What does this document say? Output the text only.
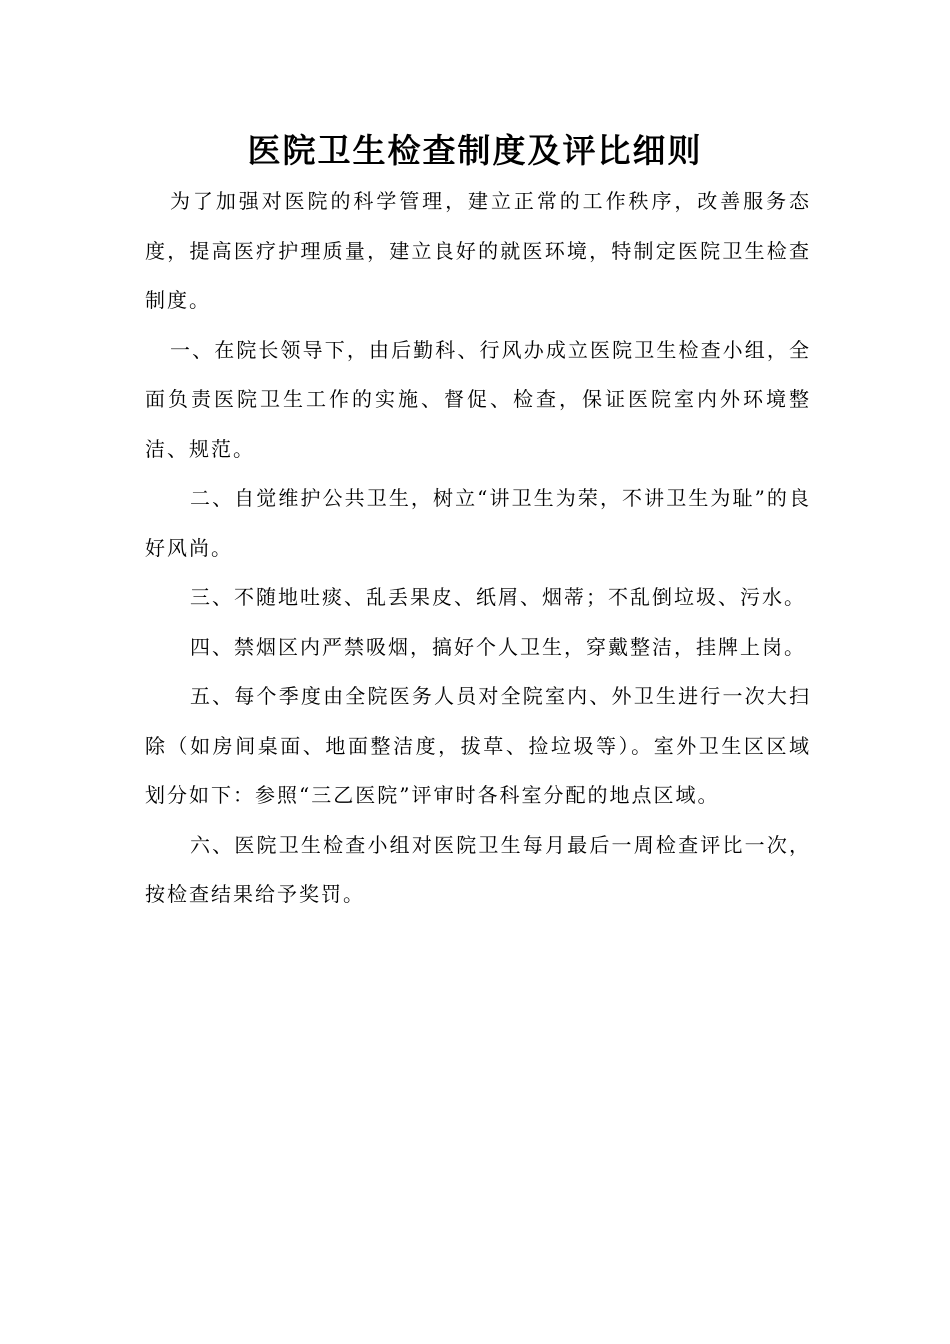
医院卫生检查制度及评比细则

为了加强对医院的科学管理，建立正常的工作秩序，改善服务态度，提高医疗护理质量，建立良好的就医环境，特制定医院卫生检查制度。

一、在院长领导下，由后勤科、行风办成立医院卫生检查小组，全面负责医院卫生工作的实施、督促、检查，保证医院室内外环境整洁、规范。

二、自觉维护公共卫生，树立“讲卫生为荣，不讲卫生为耻”的良好风尚。

三、不随地吐痰、乱丢果皮、纸屑、烟蒂；不乱倒垃圾、污水。

四、禁烟区内严禁吸烟，搞好个人卫生，穿戴整洁，挂牌上岗。

五、每个季度由全院医务人员对全院室内、外卫生进行一次大扫除（如房间桌面、地面整洁度，拔草、捡垃圾等）。室外卫生区区域划分如下：参照“三乙医院”评审时各科室分配的地点区域。

六、医院卫生检查小组对医院卫生每月最后一周检查评比一次，按检查结果给予奖罚。
